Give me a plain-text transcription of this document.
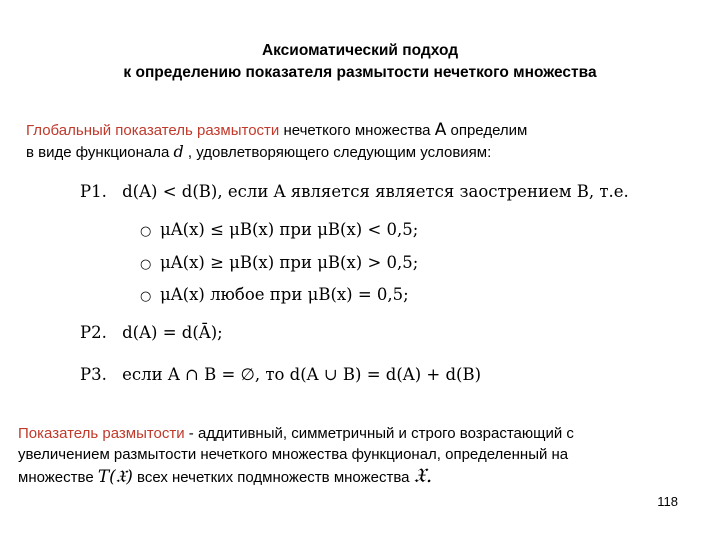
Аксиоматический подход
к определению показателя размытости нечеткого множества
Глобальный показатель размытости нечеткого множества A определим
в виде функционала d , удовлетворяющего следующим условиям:
P1. d(A) < d(B), если A является является заострением B, т.е.
○ μA(x) ≤ μB(x) при μB(x) < 0,5;
○ μA(x) ≥ μB(x) при μB(x) > 0,5;
○ μA(x) любое при μB(x) = 0,5;
P2. d(A) = d(Ā);
P3. если A ∩ B = ∅, то d(A ∪ B) = d(A) + d(B)
Показатель размытости - аддитивный, симметричный и строго возрастающий с
увеличением размытости нечеткого множества функционал, определенный на
множестве T(𝔛) всех нечетких подмножеств множества 𝔛.
118
